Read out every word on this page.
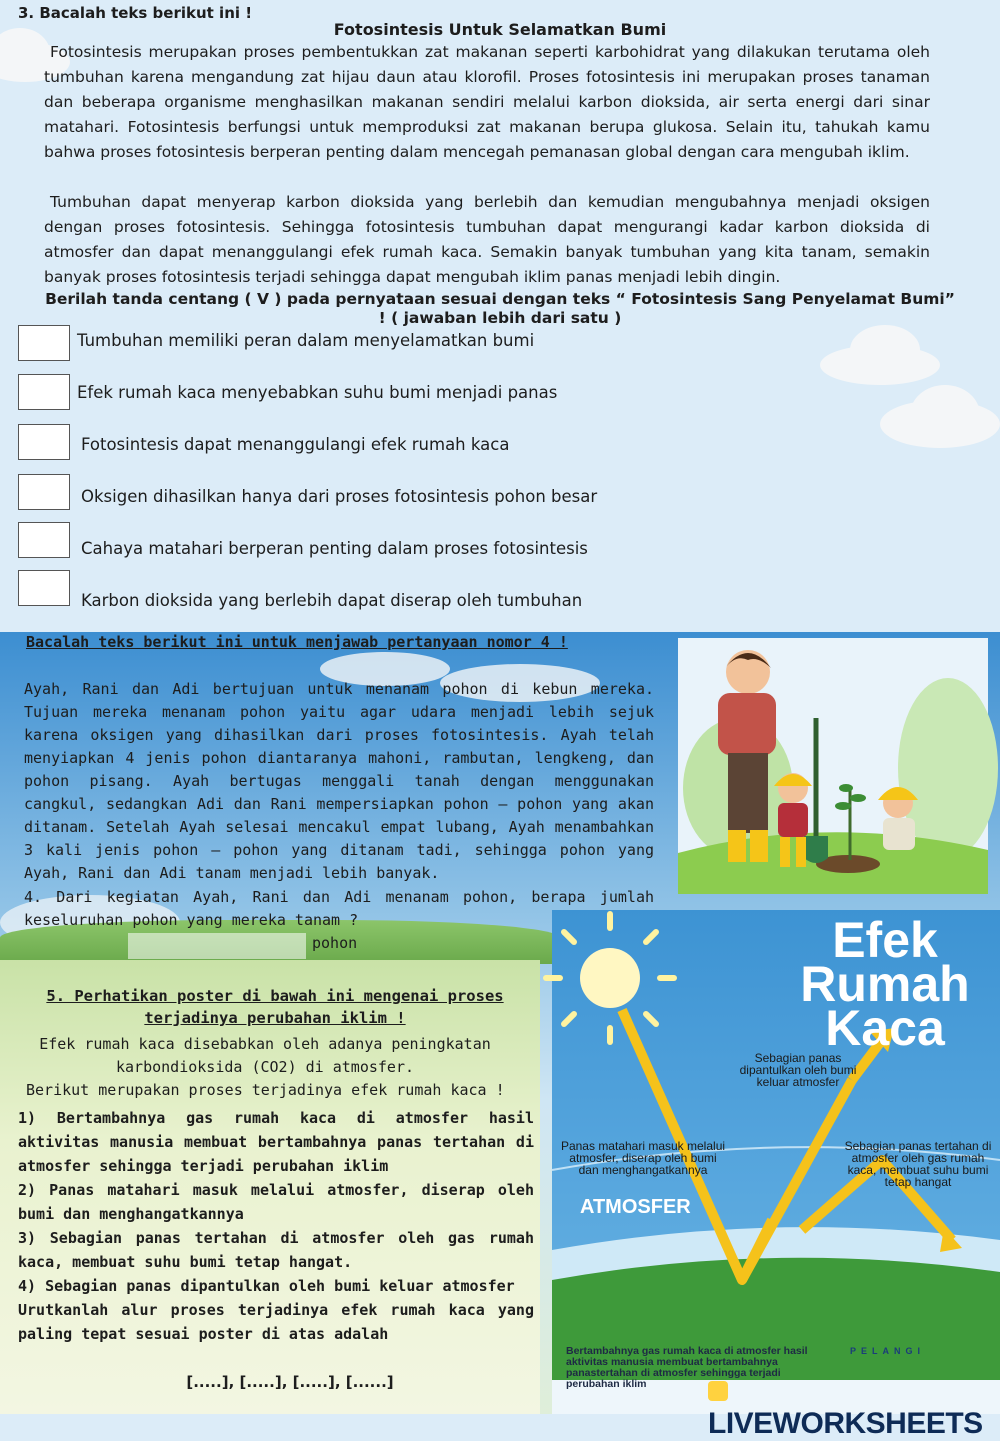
3. Bacalah teks berikut ini !
Fotosintesis Untuk Selamatkan Bumi

Fotosintesis merupakan proses pembentukkan zat makanan seperti karbohidrat yang dilakukan terutama oleh tumbuhan karena mengandung zat hijau daun atau klorofil. Proses fotosintesis ini merupakan proses tanaman dan beberapa organisme menghasilkan makanan sendiri melalui karbon dioksida, air serta energi dari sinar matahari. Fotosintesis berfungsi untuk memproduksi zat makanan berupa glukosa. Selain itu, tahukah kamu bahwa proses fotosintesis berperan penting dalam mencegah pemanasan global dengan cara mengubah iklim.

Tumbuhan dapat menyerap karbon dioksida yang berlebih dan kemudian mengubahnya menjadi oksigen dengan proses fotosintesis. Sehingga fotosintesis tumbuhan dapat mengurangi kadar karbon dioksida di atmosfer dan dapat menanggulangi efek rumah kaca. Semakin banyak tumbuhan yang kita tanam, semakin banyak proses fotosintesis terjadi sehingga dapat mengubah iklim panas menjadi lebih dingin.

Berilah tanda centang ( V ) pada pernyataan sesuai dengan teks “ Fotosintesis Sang Penyelamat Bumi” ! ( jawaban lebih dari satu )
Tumbuhan memiliki peran dalam menyelamatkan bumi
Efek rumah kaca menyebabkan suhu bumi menjadi panas
Fotosintesis dapat menanggulangi efek rumah kaca
Oksigen dihasilkan hanya dari proses fotosintesis pohon besar
Cahaya matahari berperan penting dalam proses fotosintesis
Karbon dioksida yang berlebih dapat diserap oleh tumbuhan
Bacalah teks berikut ini untuk menjawab pertanyaan nomor 4 !

Ayah, Rani dan Adi bertujuan untuk menanam pohon di kebun mereka. Tujuan mereka menanam pohon yaitu agar udara menjadi lebih sejuk karena oksigen yang dihasilkan dari proses fotosintesis. Ayah telah menyiapkan 4 jenis pohon diantaranya mahoni, rambutan, lengkeng, dan pohon pisang. Ayah bertugas menggali tanah dengan menggunakan cangkul, sedangkan Adi dan Rani mempersiapkan pohon – pohon yang akan ditanam. Setelah Ayah selesai mencakul empat lubang, Ayah menambahkan 3 kali jenis pohon – pohon yang ditanam tadi, sehingga pohon yang Ayah, Rani dan Adi tanam menjadi lebih banyak.

4. Dari kegiatan Ayah, Rani dan Adi menanam pohon, berapa jumlah keseluruhan pohon yang mereka tanam ?

pohon
5. Perhatikan poster di bawah ini mengenai proses terjadinya perubahan iklim !

Efek rumah kaca disebabkan oleh adanya peningkatan karbondioksida (CO2) di atmosfer.

Berikut merupakan proses terjadinya efek rumah kaca !
1) Bertambahnya gas rumah kaca di atmosfer hasil aktivitas manusia membuat bertambahnya panas tertahan di atmosfer sehingga terjadi perubahan iklim
2) Panas matahari masuk melalui atmosfer, diserap oleh bumi dan menghangatkannya
3) Sebagian panas tertahan di atmosfer oleh gas rumah kaca, membuat suhu bumi tetap hangat.
4) Sebagian panas dipantulkan oleh bumi keluar atmosfer
Urutkanlah alur proses terjadinya efek rumah kaca yang paling tepat sesuai poster di atas adalah
[.....], [.....], [.....], [......]
Efek
Rumah
Kaca
Sebagian panas dipantulkan oleh bumi keluar atmosfer
Panas matahari masuk melalui atmosfer, diserap oleh bumi dan menghangatkannya
Sebagian panas tertahan di atmosfer oleh gas rumah kaca, membuat suhu bumi tetap hangat
ATMOSFER
Bertambahnya gas rumah kaca di atmosfer hasil aktivitas manusia membuat bertambahnya panastertahan di atmosfer sehingga terjadi perubahan iklim
PELANGI
LIVEWORKSHEETS
